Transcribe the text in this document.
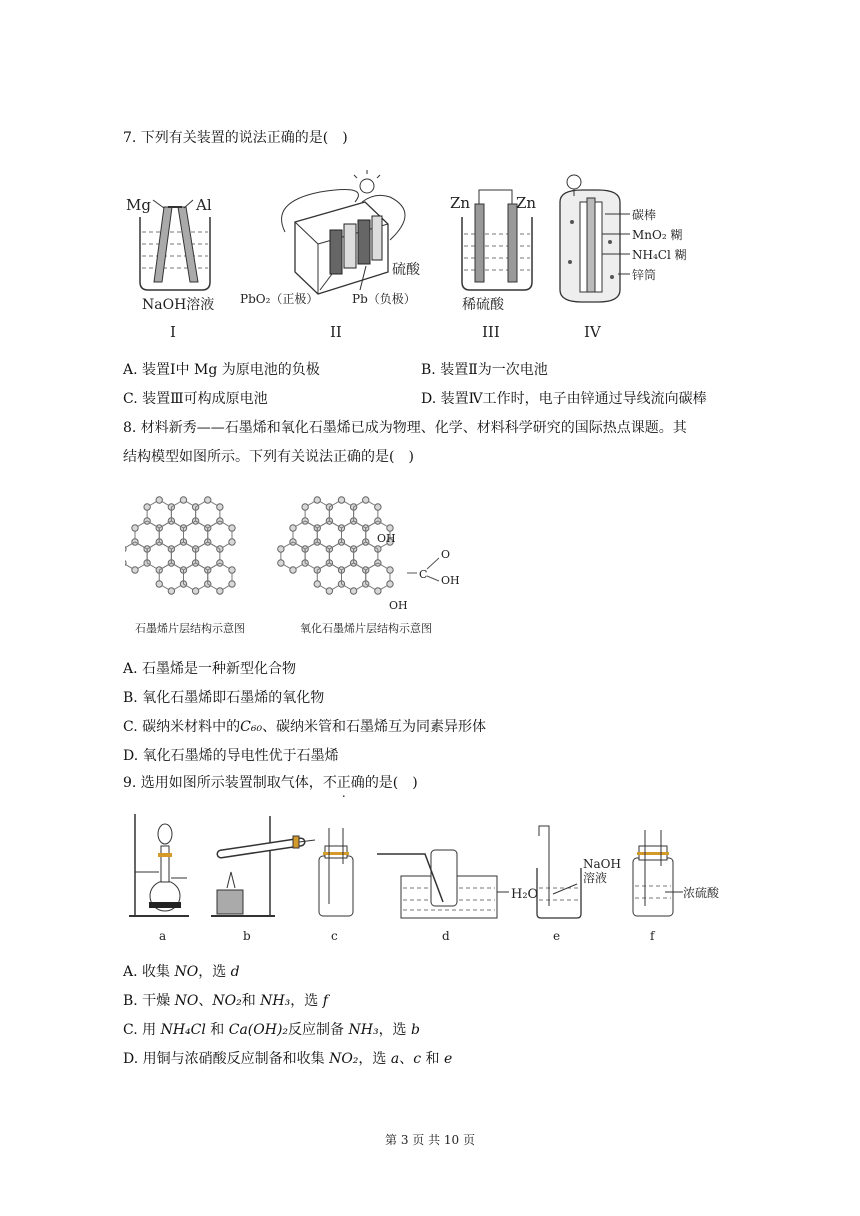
7. 下列有关装置的说法正确的是(　)
Mg	Al
NaOH溶液
I
硫酸
PbO₂（正极）	Pb（负极）
II
Zn	Zn
稀硫酸
III
碳棒
MnO₂ 糊
NH₄Cl 糊
锌筒
IV
A. 装置Ⅰ中 Mg 为原电池的负极	B. 装置Ⅱ为一次电池
C. 装置Ⅲ可构成原电池	D. 装置Ⅳ工作时，电子由锌通过导线流向碳棒
8. 材料新秀——石墨烯和氧化石墨烯已成为物理、化学、材料科学研究的国际热点课题。其
结构模型如图所示。下列有关说法正确的是(　)
OH
OH
O
C OH
石墨烯片层结构示意图	氧化石墨烯片层结构示意图
A. 石墨烯是一种新型化合物
B. 氧化石墨烯即石墨烯的氧化物
C. 碳纳米材料中的C₆₀、碳纳米管和石墨烯互为同素异形体
D. 氧化石墨烯的导电性优于石墨烯
9. 选用如图所示装置制取气体，不正确的是(　)
a	b	c
H₂O
d
NaOH
溶液
e
浓硫酸
f
A. 收集 NO，选 d
B. 干燥 NO、NO₂和 NH₃，选 f
C. 用 NH₄Cl 和 Ca(OH)₂反应制备 NH₃，选 b
D. 用铜与浓硝酸反应制备和收集 NO₂，选 a、c 和 e
第 3 页 共 10 页
